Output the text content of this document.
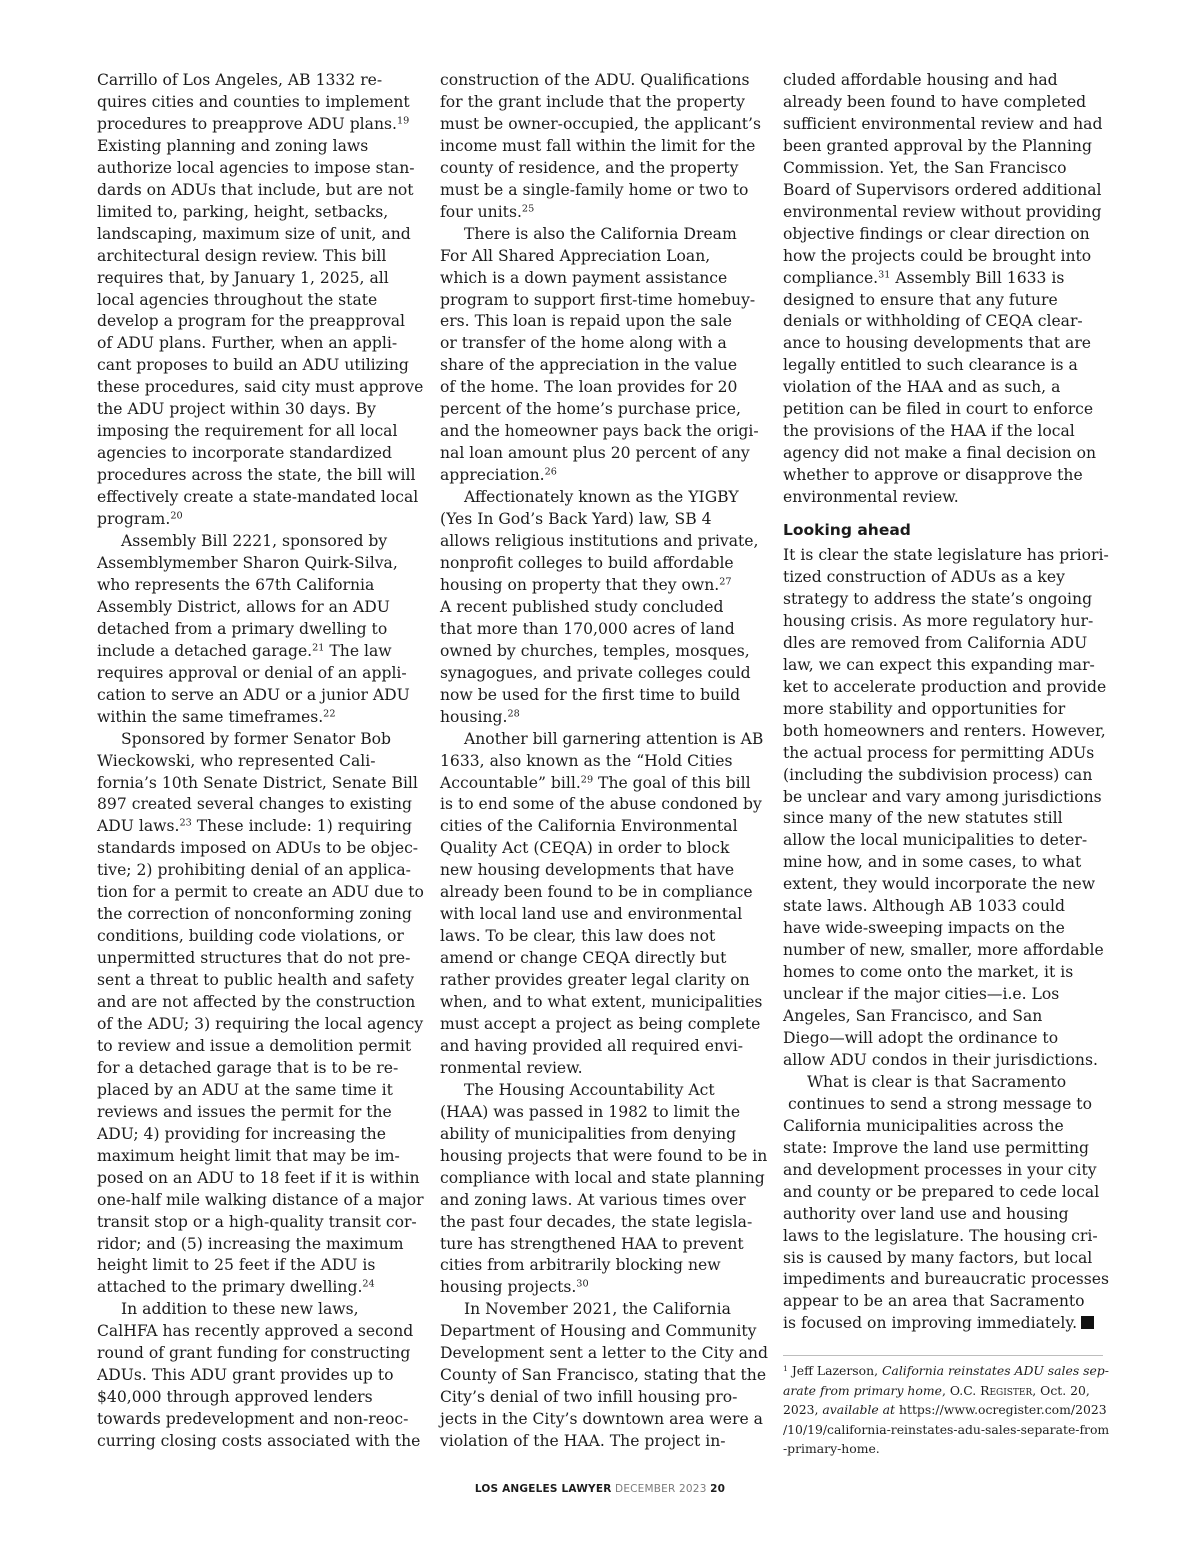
Carrillo of Los Angeles, AB 1332 re-
quires cities and counties to implement
procedures to preapprove ADU plans.$^{19}$
Existing planning and zoning laws
authorize local agencies to impose stan-
dards on ADUs that include, but are not
limited to, parking, height, setbacks,
landscaping, maximum size of unit, and
architectural design review. This bill
requires that, by January 1, 2025, all
local agencies throughout the state
develop a program for the preapproval
of ADU plans. Further, when an appli-
cant proposes to build an ADU utilizing
these procedures, said city must approve
the ADU project within 30 days. By
imposing the requirement for all local
agencies to incorporate standardized
procedures across the state, the bill will
effectively create a state-mandated local
program.$^{20}$
Assembly Bill 2221, sponsored by
Assemblymember Sharon Quirk-Silva,
who represents the 67th California
Assembly District, allows for an ADU
detached from a primary dwelling to
include a detached garage.$^{21}$ The law
requires approval or denial of an appli-
cation to serve an ADU or a junior ADU
within the same timeframes.$^{22}$
Sponsored by former Senator Bob
Wieckowski, who represented Cali-
fornia’s 10th Senate District, Senate Bill
897 created several changes to existing
ADU laws.$^{23}$ These include: 1) requiring
standards imposed on ADUs to be objec-
tive; 2) prohibiting denial of an applica-
tion for a permit to create an ADU due to
the correction of nonconforming zoning
conditions, building code violations, or
unpermitted structures that do not pre-
sent a threat to public health and safety
and are not affected by the construction
of the ADU; 3) requiring the local agency
to review and issue a demolition permit
for a detached garage that is to be re-
placed by an ADU at the same time it
reviews and issues the permit for the
ADU; 4) providing for increasing the
maximum height limit that may be im-
posed on an ADU to 18 feet if it is within
one-half mile walking distance of a major
transit stop or a high-quality transit cor-
ridor; and (5) increasing the maximum
height limit to 25 feet if the ADU is
attached to the primary dwelling.$^{24}$
In addition to these new laws,
CalHFA has recently approved a second
round of grant funding for constructing
ADUs. This ADU grant provides up to
$40,000 through approved lenders
towards predevelopment and non-reoc-
curring closing costs associated with the
construction of the ADU. Qualifications
for the grant include that the property
must be owner-occupied, the applicant’s
income must fall within the limit for the
county of residence, and the property
must be a single-family home or two to
four units.$^{25}$
There is also the California Dream
For All Shared Appreciation Loan,
which is a down payment assistance
program to support first-time homebuy-
ers. This loan is repaid upon the sale
or transfer of the home along with a
share of the appreciation in the value
of the home. The loan provides for 20
percent of the home’s purchase price,
and the homeowner pays back the origi-
nal loan amount plus 20 percent of any
appreciation.$^{26}$
Affectionately known as the YIGBY
(Yes In God’s Back Yard) law, SB 4
allows religious institutions and private,
nonprofit colleges to build affordable
housing on property that they own.$^{27}$
A recent published study concluded
that more than 170,000 acres of land
owned by churches, temples, mosques,
synagogues, and private colleges could
now be used for the first time to build
housing.$^{28}$
Another bill garnering attention is AB
1633, also known as the “Hold Cities
Accountable” bill.$^{29}$ The goal of this bill
is to end some of the abuse condoned by
cities of the California Environmental
Quality Act (CEQA) in order to block
new housing developments that have
already been found to be in compliance
with local land use and environmental
laws. To be clear, this law does not
amend or change CEQA directly but
rather provides greater legal clarity on
when, and to what extent, municipalities
must accept a project as being complete
and having provided all required envi-
ronmental review.
The Housing Accountability Act
(HAA) was passed in 1982 to limit the
ability of municipalities from denying
housing projects that were found to be in
compliance with local and state planning
and zoning laws. At various times over
the past four decades, the state legisla-
ture has strengthened HAA to prevent
cities from arbitrarily blocking new
housing projects.$^{30}$
In November 2021, the California
Department of Housing and Community
Development sent a letter to the City and
County of San Francisco, stating that the
City’s denial of two infill housing pro-
jects in the City’s downtown area were a
violation of the HAA. The project in-
cluded affordable housing and had
already been found to have completed
sufficient environmental review and had
been granted approval by the Planning
Commission. Yet, the San Francisco
Board of Supervisors ordered additional
environmental review without providing
objective findings or clear direction on
how the projects could be brought into
compliance.$^{31}$ Assembly Bill 1633 is
designed to ensure that any future
denials or withholding of CEQA clear-
ance to housing developments that are
legally entitled to such clearance is a
violation of the HAA and as such, a
petition can be filed in court to enforce
the provisions of the HAA if the local
agency did not make a final decision on
whether to approve or disapprove the
environmental review.
Looking ahead
It is clear the state legislature has priori-
tized construction of ADUs as a key
strategy to address the state’s ongoing
housing crisis. As more regulatory hur-
dles are removed from California ADU
law, we can expect this expanding mar-
ket to accelerate production and provide
more stability and opportunities for
both homeowners and renters. However,
the actual process for permitting ADUs
(including the subdivision process) can
be unclear and vary among jurisdictions
since many of the new statutes still
allow the local municipalities to deter-
mine how, and in some cases, to what
extent, they would incorporate the new
state laws. Although AB 1033 could
have wide-sweeping impacts on the
number of new, smaller, more affordable
homes to come onto the market, it is
unclear if the major cities—i.e. Los
Angeles, San Francisco, and San
Diego—will adopt the ordinance to
allow ADU condos in their jurisdictions.
What is clear is that Sacramento
continues to send a strong message to
California municipalities across the
state: Improve the land use permitting
and development processes in your city
and county or be prepared to cede local
authority over land use and housing
laws to the legislature. The housing cri-
sis is caused by many factors, but local
impediments and bureaucratic processes
appear to be an area that Sacramento
is focused on improving immediately.
$^1$ Jeff Lazerson, California reinstates ADU sales sep-
arate from primary home, O.C. Register, Oct. 20,
2023, available at https://www.ocregister.com/2023
/10/19/california-reinstates-adu-sales-separate-from
-primary-home.
LOS ANGELES LAWYER DECEMBER 2023 20
